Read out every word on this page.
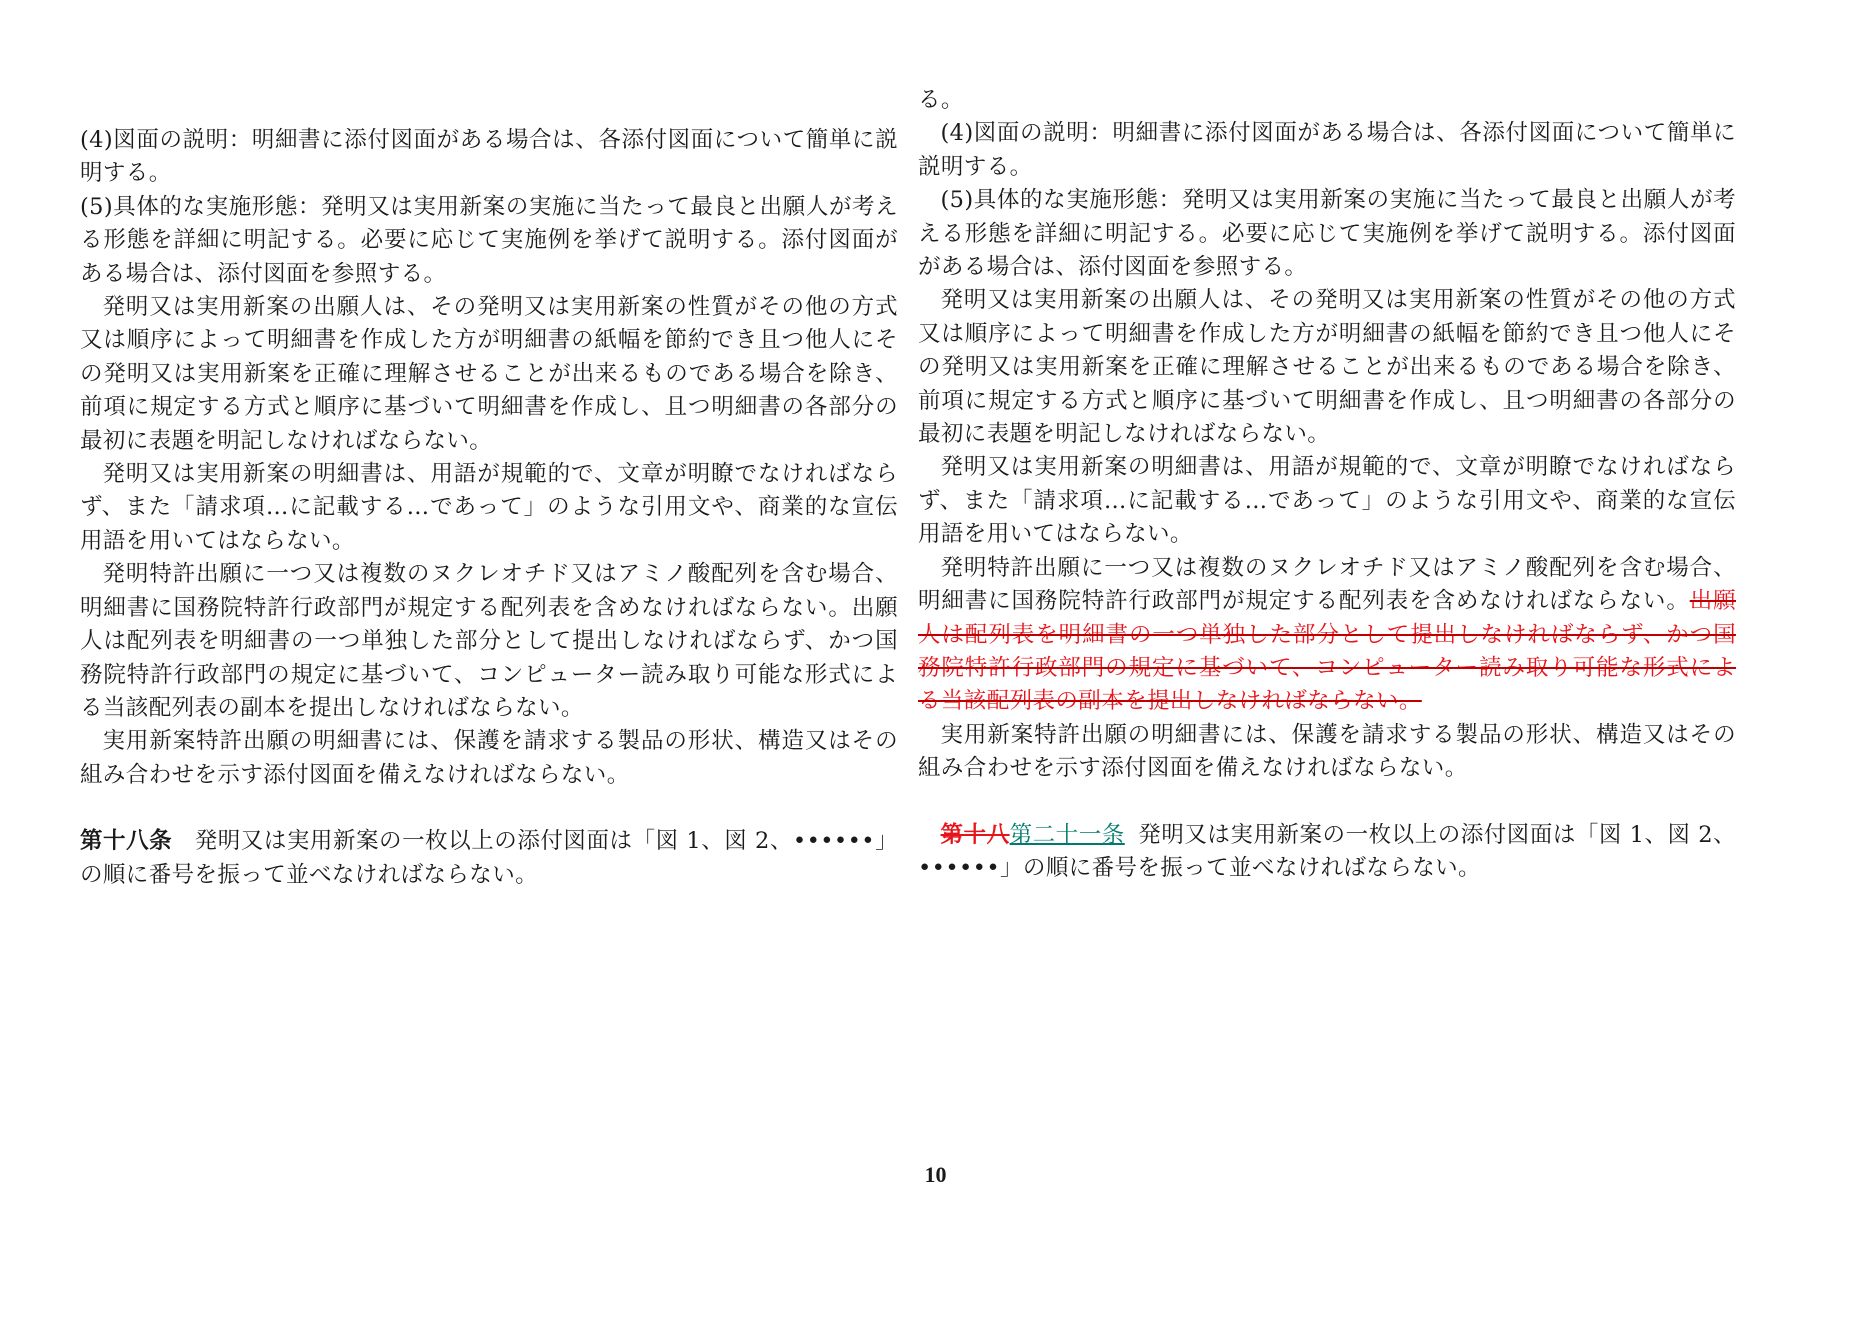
(4)図面の説明：明細書に添付図面がある場合は、各添付図面について簡単に説明する。

(5)具体的な実施形態：発明又は実用新案の実施に当たって最良と出願人が考える形態を詳細に明記する。必要に応じて実施例を挙げて説明する。添付図面がある場合は、添付図面を参照する。

発明又は実用新案の出願人は、その発明又は実用新案の性質がその他の方式又は順序によって明細書を作成した方が明細書の紙幅を節約でき且つ他人にその発明又は実用新案を正確に理解させることが出来るものである場合を除き、前項に規定する方式と順序に基づいて明細書を作成し、且つ明細書の各部分の最初に表題を明記しなければならない。

発明又は実用新案の明細書は、用語が規範的で、文章が明瞭でなければならず、また「請求項…に記載する…であって」のような引用文や、商業的な宣伝用語を用いてはならない。

発明特許出願に一つ又は複数のヌクレオチド又はアミノ酸配列を含む場合、明細書に国務院特許行政部門が規定する配列表を含めなければならない。出願人は配列表を明細書の一つ単独した部分として提出しなければならず、かつ国務院特許行政部門の規定に基づいて、コンピューター読み取り可能な形式による当該配列表の副本を提出しなければならない。

実用新案特許出願の明細書には、保護を請求する製品の形状、構造又はその組み合わせを示す添付図面を備えなければならない。

第十八条 発明又は実用新案の一枚以上の添付図面は「図 1、図 2、••••••」の順に番号を振って並べなければならない。

る。

(4)図面の説明：明細書に添付図面がある場合は、各添付図面について簡単に説明する。

(5)具体的な実施形態：発明又は実用新案の実施に当たって最良と出願人が考える形態を詳細に明記する。必要に応じて実施例を挙げて説明する。添付図面がある場合は、添付図面を参照する。

発明又は実用新案の出願人は、その発明又は実用新案の性質がその他の方式又は順序によって明細書を作成した方が明細書の紙幅を節約でき且つ他人にその発明又は実用新案を正確に理解させることが出来るものである場合を除き、前項に規定する方式と順序に基づいて明細書を作成し、且つ明細書の各部分の最初に表題を明記しなければならない。

発明又は実用新案の明細書は、用語が規範的で、文章が明瞭でなければならず、また「請求項…に記載する…であって」のような引用文や、商業的な宣伝用語を用いてはならない。

発明特許出願に一つ又は複数のヌクレオチド又はアミノ酸配列を含む場合、明細書に国務院特許行政部門が規定する配列表を含めなければならない。出願人は配列表を明細書の一つ単独した部分として提出しなければならず、かつ国務院特許行政部門の規定に基づいて、コンピューター読み取り可能な形式による当該配列表の副本を提出しなければならない。

実用新案特許出願の明細書には、保護を請求する製品の形状、構造又はその組み合わせを示す添付図面を備えなければならない。

第十八第二十一条 発明又は実用新案の一枚以上の添付図面は「図 1、図 2、••••••」の順に番号を振って並べなければならない。

10
